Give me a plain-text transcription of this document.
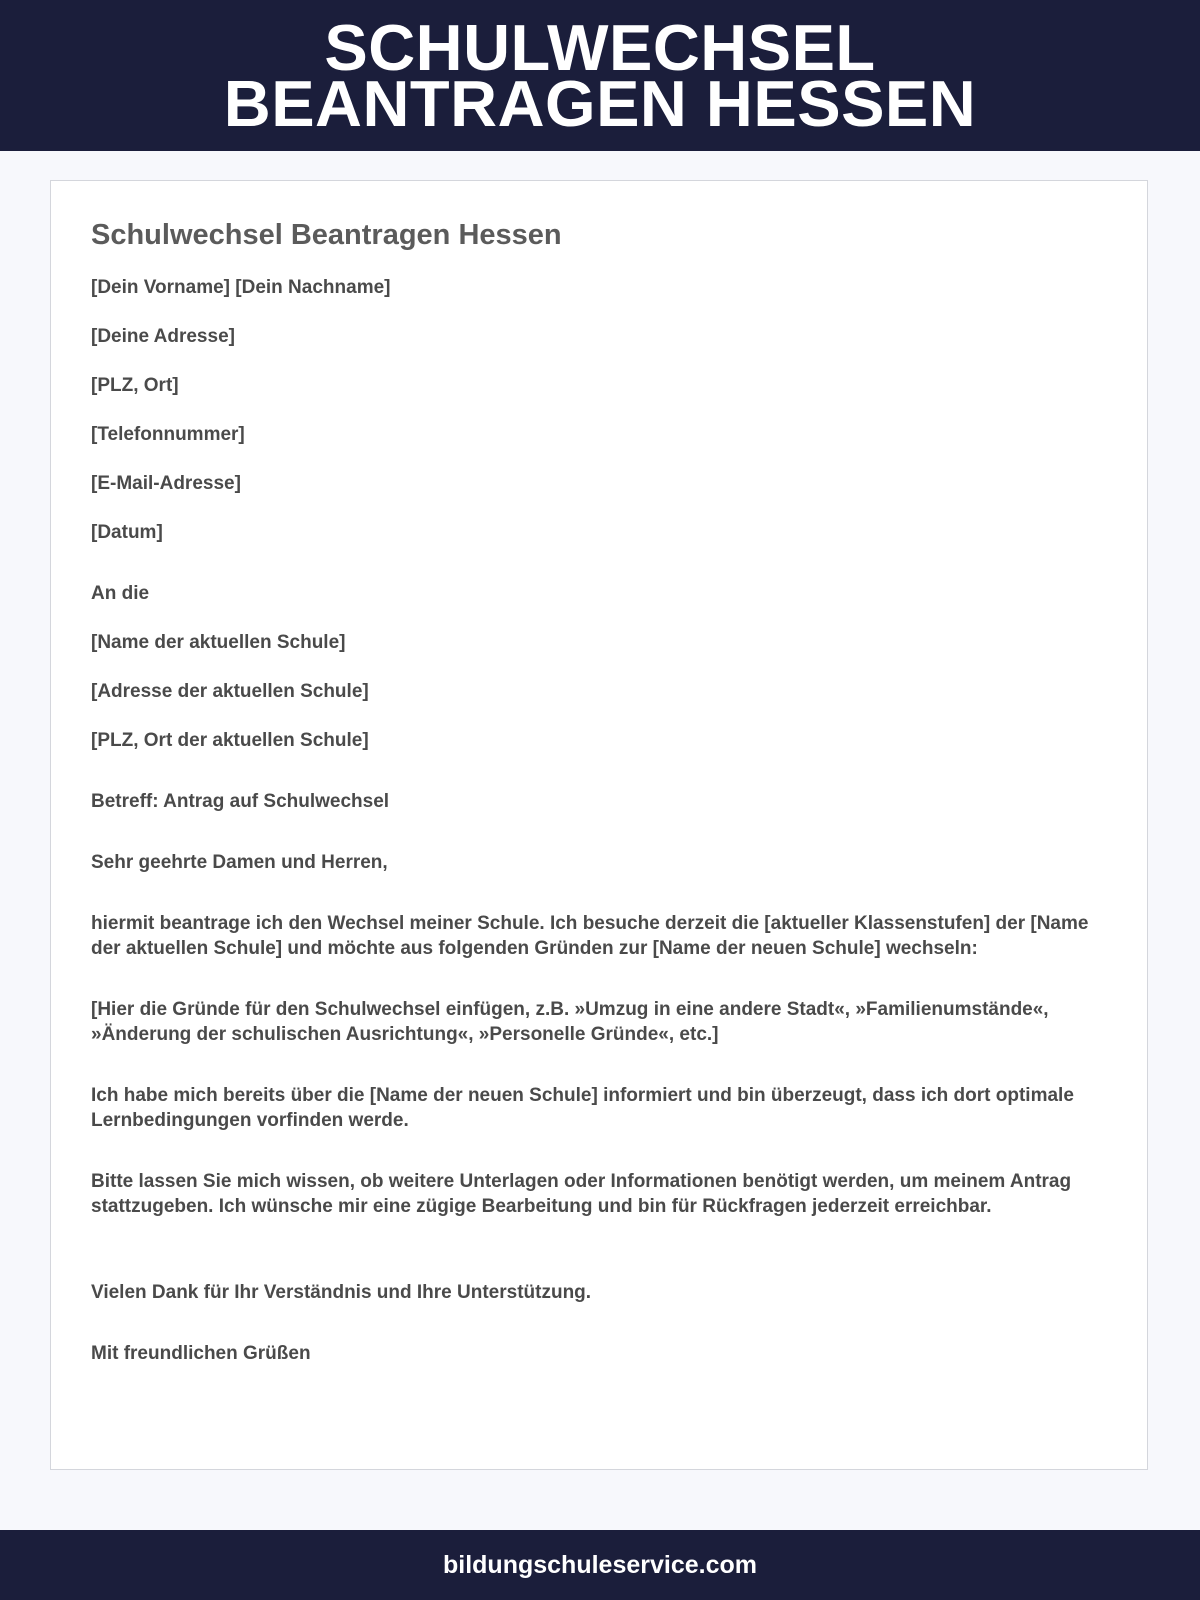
SCHULWECHSEL
BEANTRAGEN HESSEN
Schulwechsel Beantragen Hessen

[Dein Vorname] [Dein Nachname]

[Deine Adresse]

[PLZ, Ort]

[Telefonnummer]

[E-Mail-Adresse]

[Datum]

An die

[Name der aktuellen Schule]

[Adresse der aktuellen Schule]

[PLZ, Ort der aktuellen Schule]

Betreff: Antrag auf Schulwechsel

Sehr geehrte Damen und Herren,

hiermit beantrage ich den Wechsel meiner Schule. Ich besuche derzeit die [aktueller Klassenstufen] der [Name der aktuellen Schule] und möchte aus folgenden Gründen zur [Name der neuen Schule] wechseln:

[Hier die Gründe für den Schulwechsel einfügen, z.B. »Umzug in eine andere Stadt«, »Familienumstände«, »Änderung der schulischen Ausrichtung«, »Personelle Gründe«, etc.]

Ich habe mich bereits über die [Name der neuen Schule] informiert und bin überzeugt, dass ich dort optimale Lernbedingungen vorfinden werde.

Bitte lassen Sie mich wissen, ob weitere Unterlagen oder Informationen benötigt werden, um meinem Antrag stattzugeben. Ich wünsche mir eine zügige Bearbeitung und bin für Rückfragen jederzeit erreichbar.

Vielen Dank für Ihr Verständnis und Ihre Unterstützung.

Mit freundlichen Grüßen

bildungschuleservice.com
